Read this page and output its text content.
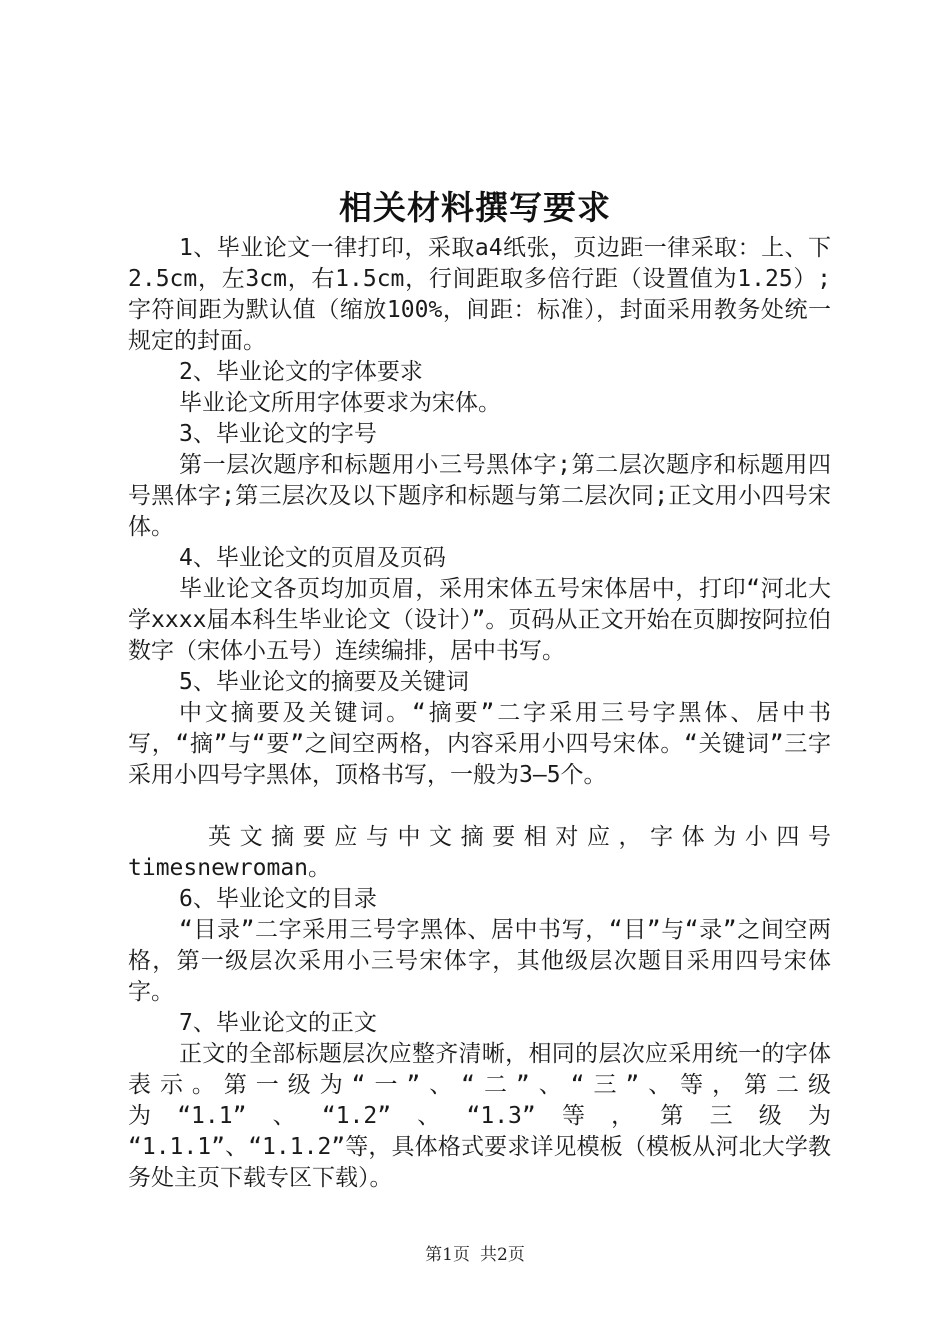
相关材料撰写要求

1、毕业论文一律打印，采取a4纸张，页边距一律采取：上、下2.5cm，左3cm，右1.5cm，行间距取多倍行距（设置值为1.25）;字符间距为默认值（缩放100%，间距：标准），封面采用教务处统一规定的封面。

2、毕业论文的字体要求

毕业论文所用字体要求为宋体。

3、毕业论文的字号

第一层次题序和标题用小三号黑体字;第二层次题序和标题用四号黑体字;第三层次及以下题序和标题与第二层次同;正文用小四号宋体。

4、毕业论文的页眉及页码

毕业论文各页均加页眉，采用宋体五号宋体居中，打印“河北大学xxxx届本科生毕业论文（设计）”。页码从正文开始在页脚按阿拉伯数字（宋体小五号）连续编排，居中书写。

5、毕业论文的摘要及关键词

中文摘要及关键词。“摘要”二字采用三号字黑体、居中书写，“摘”与“要”之间空两格，内容采用小四号宋体。“关键词”三字采用小四号字黑体，顶格书写，一般为3—5个。

英文摘要应与中文摘要相对应，字体为小四号

timesnewroman。

6、毕业论文的目录

“目录”二字采用三号字黑体、居中书写，“目”与“录”之间空两格，第一级层次采用小三号宋体字，其他级层次题目采用四号宋体字。

7、毕业论文的正文

正文的全部标题层次应整齐清晰，相同的层次应采用统一的字体表示。第一级为“一”、“二”、“三”、等，第二级为“1.1”、“1.2”、“1.3”等，第三级为

“1.1.1”、“1.1.2”等，具体格式要求详见模板（模板从河北大学教务处主页下载专区下载）。

第1页 共2页
